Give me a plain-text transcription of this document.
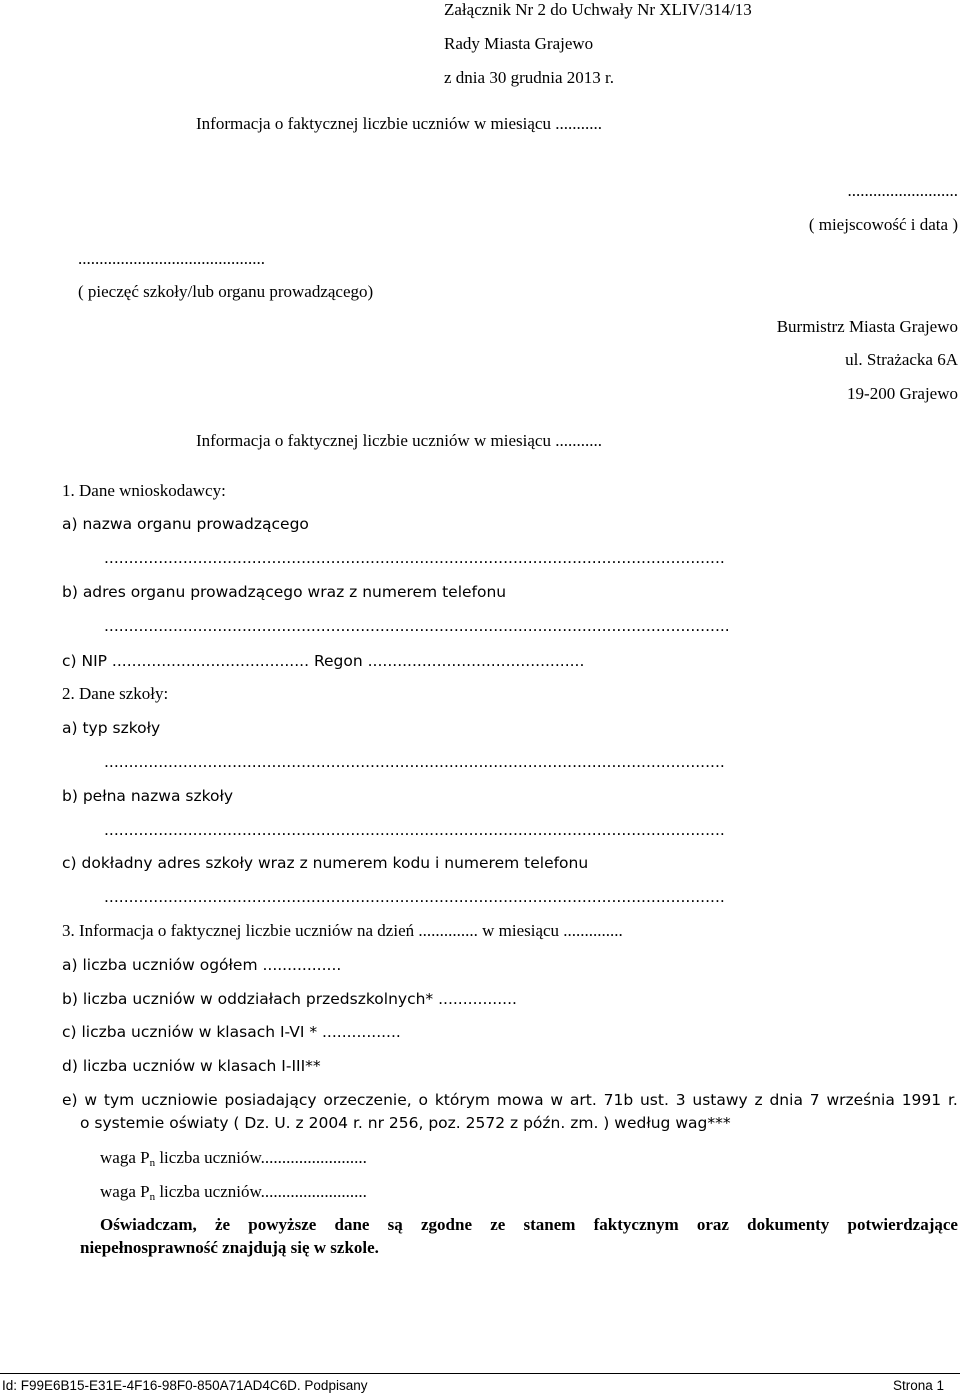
Załącznik Nr 2 do Uchwały Nr XLIV/314/13
Rady Miasta Grajewo
z dnia 30 grudnia 2013 r.
Informacja o faktycznej liczbie uczniów w miesiącu ...........
..........................
( miejscowość i data )
............................................
( pieczęć szkoły/lub organu prowadzącego)
Burmistrz Miasta Grajewo
ul. Strażacka 6A
19-200 Grajewo
Informacja o faktycznej liczbie uczniów w miesiącu ...........
1. Dane wnioskodawcy:
a) nazwa organu prowadzącego
..............................................................................................................................
b) adres organu prowadzącego wraz z numerem telefonu
...............................................................................................................................
c) NIP ........................................ Regon ............................................
2. Dane szkoły:
a) typ szkoły
..............................................................................................................................
b) pełna nazwa szkoły
..............................................................................................................................
c) dokładny adres szkoły wraz z numerem kodu i numerem telefonu
..............................................................................................................................
3. Informacja o faktycznej liczbie uczniów na dzień .............. w miesiącu ..............
a) liczba uczniów ogółem ................
b) liczba uczniów w oddziałach przedszkolnych* ................
c) liczba uczniów w klasach I-VI * ................
d) liczba uczniów w klasach I-III**
e) w tym uczniowie posiadający orzeczenie, o którym mowa w art. 71b ust. 3 ustawy z dnia 7 września 1991 r.
o systemie oświaty ( Dz. U. z 2004 r. nr 256, poz. 2572 z późn. zm. ) według wag***
waga $P_n$ liczba uczniów.........................
waga $P_n$ liczba uczniów.........................
Oświadczam, że powyższe dane są zgodne ze stanem faktycznym oraz dokumenty potwierdzające
niepełnosprawność znajdują się w szkole.
Id: F99E6B15-E31E-4F16-98F0-850A71AD4C6D. Podpisany	Strona 1
